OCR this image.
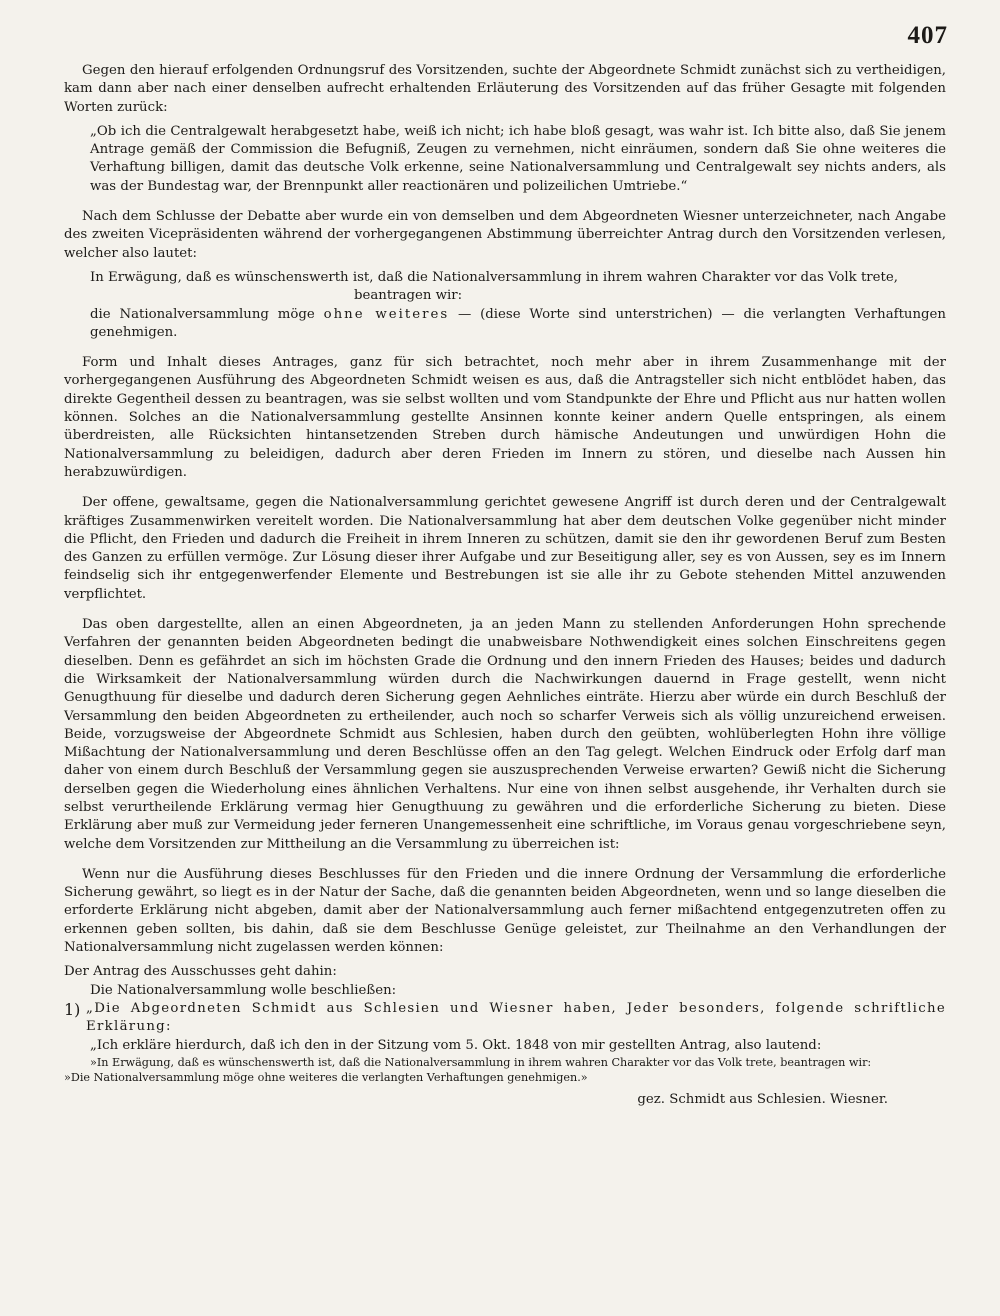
407

Gegen den hierauf erfolgenden Ordnungsruf des Vorsitzenden, suchte der Abgeordnete Schmidt zunächst sich zu vertheidigen, kam dann aber nach einer denselben aufrecht erhaltenden Erläuterung des Vorsitzenden auf das früher Gesagte mit folgenden Worten zurück:

„Ob ich die Centralgewalt herabgesetzt habe, weiß ich nicht; ich habe bloß gesagt, was wahr ist. Ich bitte also, daß Sie jenem Antrage gemäß der Commission die Befugniß, Zeugen zu vernehmen, nicht einräumen, sondern daß Sie ohne weiteres die Verhaftung billigen, damit das deutsche Volk erkenne, seine Nationalversammlung und Centralgewalt sey nichts anders, als was der Bundestag war, der Brennpunkt aller reactionären und polizeilichen Umtriebe.“

Nach dem Schlusse der Debatte aber wurde ein von demselben und dem Abgeordneten Wiesner unterzeichneter, nach Angabe des zweiten Vicepräsidenten während der vorhergegangenen Abstimmung überreichter Antrag durch den Vorsitzenden verlesen, welcher also lautet:

In Erwägung, daß es wünschenswerth ist, daß die Nationalversammlung in ihrem wahren Charakter vor das Volk trete,

beantragen wir:

die Nationalversammlung möge ohne weiteres — (diese Worte sind unterstrichen) — die verlangten Verhaftungen genehmigen.

Form und Inhalt dieses Antrages, ganz für sich betrachtet, noch mehr aber in ihrem Zusammenhange mit der vorhergegangenen Ausführung des Abgeordneten Schmidt weisen es aus, daß die Antragsteller sich nicht entblödet haben, das direkte Gegentheil dessen zu beantragen, was sie selbst wollten und vom Standpunkte der Ehre und Pflicht aus nur hatten wollen können. Solches an die Nationalversammlung gestellte Ansinnen konnte keiner andern Quelle entspringen, als einem überdreisten, alle Rücksichten hintansetzenden Streben durch hämische Andeutungen und unwürdigen Hohn die Nationalversammlung zu beleidigen, dadurch aber deren Frieden im Innern zu stören, und dieselbe nach Aussen hin herabzuwürdigen.

Der offene, gewaltsame, gegen die Nationalversammlung gerichtet gewesene Angriff ist durch deren und der Centralgewalt kräftiges Zusammenwirken vereitelt worden. Die Nationalversammlung hat aber dem deutschen Volke gegenüber nicht minder die Pflicht, den Frieden und dadurch die Freiheit in ihrem Inneren zu schützen, damit sie den ihr gewordenen Beruf zum Besten des Ganzen zu erfüllen vermöge. Zur Lösung dieser ihrer Aufgabe und zur Beseitigung aller, sey es von Aussen, sey es im Innern feindselig sich ihr entgegenwerfender Elemente und Bestrebungen ist sie alle ihr zu Gebote stehenden Mittel anzuwenden verpflichtet.

Das oben dargestellte, allen an einen Abgeordneten, ja an jeden Mann zu stellenden Anforderungen Hohn sprechende Verfahren der genannten beiden Abgeordneten bedingt die unabweisbare Nothwendigkeit eines solchen Einschreitens gegen dieselben. Denn es gefährdet an sich im höchsten Grade die Ordnung und den innern Frieden des Hauses; beides und dadurch die Wirksamkeit der Nationalversammlung würden durch die Nachwirkungen dauernd in Frage gestellt, wenn nicht Genugthuung für dieselbe und dadurch deren Sicherung gegen Aehnliches einträte. Hierzu aber würde ein durch Beschluß der Versammlung den beiden Abgeordneten zu ertheilender, auch noch so scharfer Verweis sich als völlig unzureichend erweisen. Beide, vorzugsweise der Abgeordnete Schmidt aus Schlesien, haben durch den geübten, wohlüberlegten Hohn ihre völlige Mißachtung der Nationalversammlung und deren Beschlüsse offen an den Tag gelegt. Welchen Eindruck oder Erfolg darf man daher von einem durch Beschluß der Versammlung gegen sie auszusprechenden Verweise erwarten? Gewiß nicht die Sicherung derselben gegen die Wiederholung eines ähnlichen Verhaltens. Nur eine von ihnen selbst ausgehende, ihr Verhalten durch sie selbst verurtheilende Erklärung vermag hier Genugthuung zu gewähren und die erforderliche Sicherung zu bieten. Diese Erklärung aber muß zur Vermeidung jeder ferneren Unangemessenheit eine schriftliche, im Voraus genau vorgeschriebene seyn, welche dem Vorsitzenden zur Mittheilung an die Versammlung zu überreichen ist:

Wenn nur die Ausführung dieses Beschlusses für den Frieden und die innere Ordnung der Versammlung die erforderliche Sicherung gewährt, so liegt es in der Natur der Sache, daß die genannten beiden Abgeordneten, wenn und so lange dieselben die erforderte Erklärung nicht abgeben, damit aber der Nationalversammlung auch ferner mißachtend entgegenzutreten offen zu erkennen geben sollten, bis dahin, daß sie dem Beschlusse Genüge geleistet, zur Theilnahme an den Verhandlungen der Nationalversammlung nicht zugelassen werden können:

Der Antrag des Ausschusses geht dahin:

Die Nationalversammlung wolle beschließen:

1) „Die Abgeordneten Schmidt aus Schlesien und Wiesner haben, Jeder besonders, folgende schriftliche Erklärung:

„Ich erkläre hierdurch, daß ich den in der Sitzung vom 5. Okt. 1848 von mir gestellten Antrag, also lautend:

»In Erwägung, daß es wünschenswerth ist, daß die Nationalversammlung in ihrem wahren Charakter vor das Volk trete, beantragen wir:

»Die Nationalversammlung möge ohne weiteres die verlangten Verhaftungen genehmigen.»

gez. Schmidt aus Schlesien. Wiesner.
